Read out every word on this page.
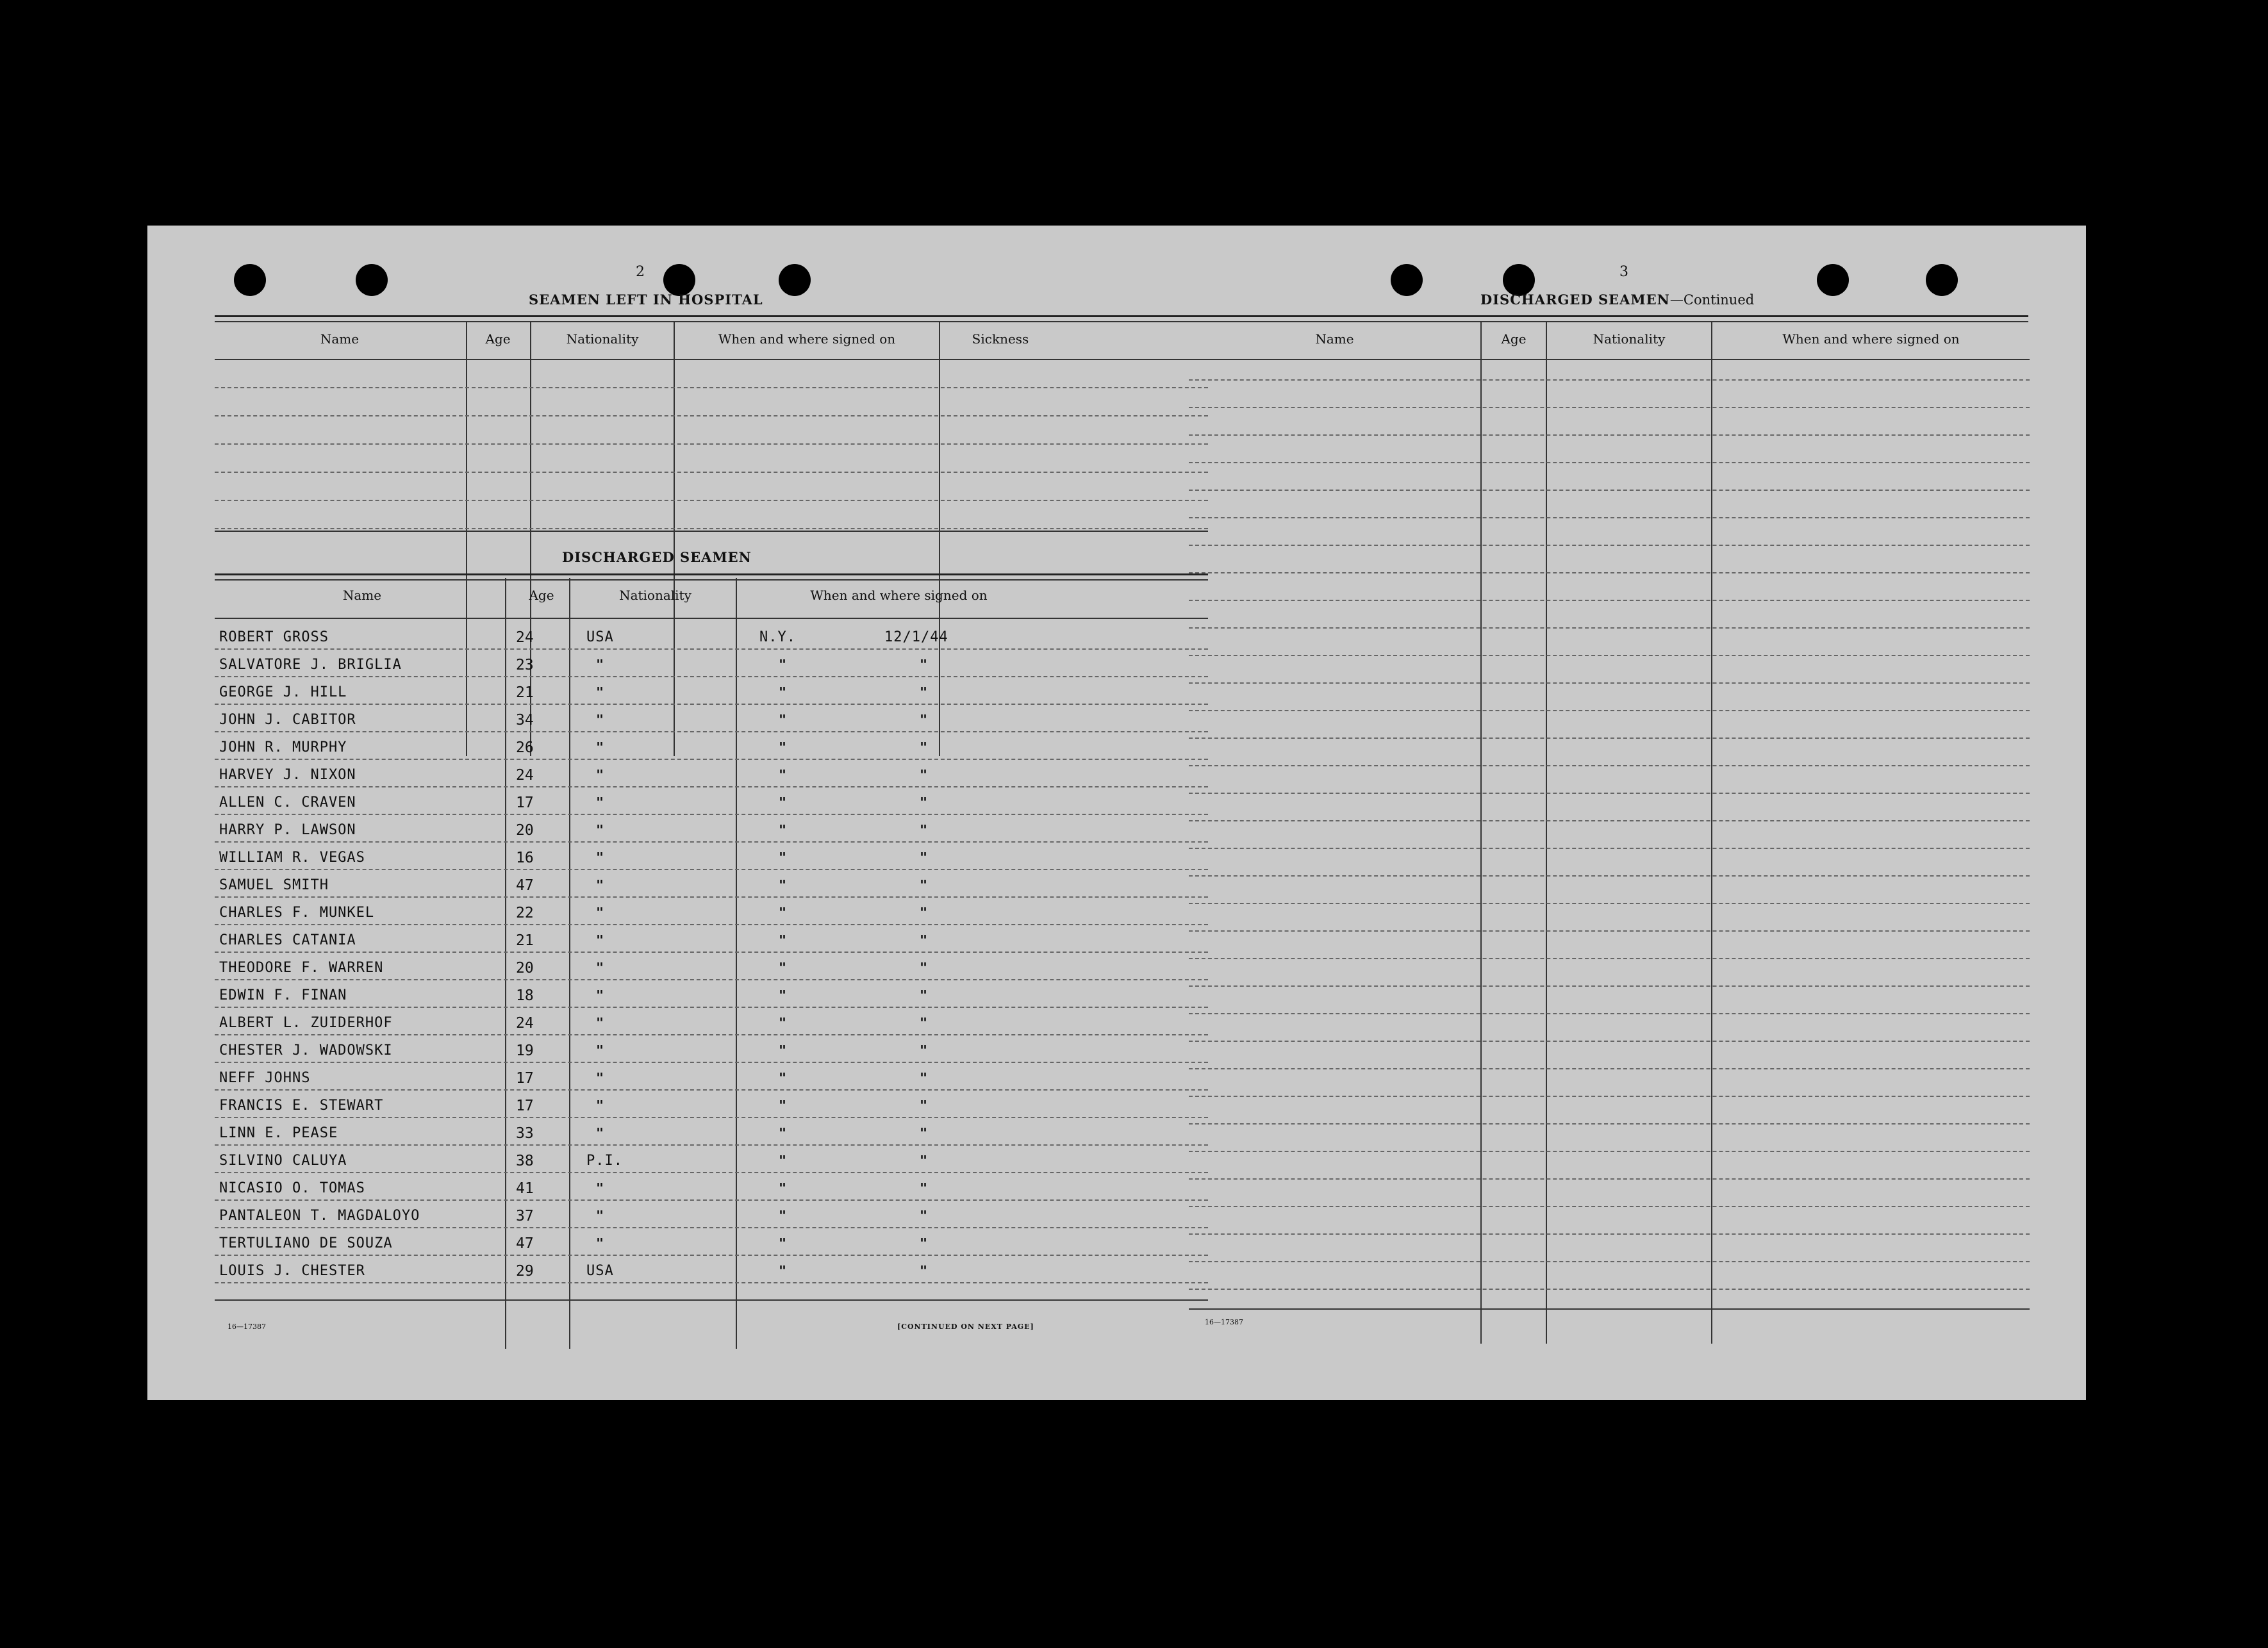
2
SEAMEN LEFT IN HOSPITAL
Name	Age	Nationality	When and where signed on	Sickness
DISCHARGED SEAMEN
Name	Age	Nationality	When and where signed on
ROBERT GROSS	24	USA	N.Y.	12/1/44
SALVATORE J. BRIGLIA	23	"	"	"
GEORGE J. HILL	21	"	"	"
JOHN J. CABITOR	34	"	"	"
JOHN R. MURPHY	26	"	"	"
HARVEY J. NIXON	24	"	"	"
ALLEN C. CRAVEN	17	"	"	"
HARRY P. LAWSON	20	"	"	"
WILLIAM R. VEGAS	16	"	"	"
SAMUEL SMITH	47	"	"	"
CHARLES F. MUNKEL	22	"	"	"
CHARLES CATANIA	21	"	"	"
THEODORE F. WARREN	20	"	"	"
EDWIN F. FINAN	18	"	"	"
ALBERT L. ZUIDERHOF	24	"	"	"
CHESTER J. WADOWSKI	19	"	"	"
NEFF JOHNS	17	"	"	"
FRANCIS E. STEWART	17	"	"	"
LINN E. PEASE	33	"	"	"
SILVINO CALUYA	38	P.I.	"	"
NICASIO O. TOMAS	41	"	"	"
PANTALEON T. MAGDALOYO	37	"	"	"
TERTULIANO DE SOUZA	47	"	"	"
LOUIS J. CHESTER	29	USA	"	"
16—17387	[CONTINUED ON NEXT PAGE]
3
DISCHARGED SEAMEN—Continued
Name	Age	Nationality	When and where signed on
16—17387
